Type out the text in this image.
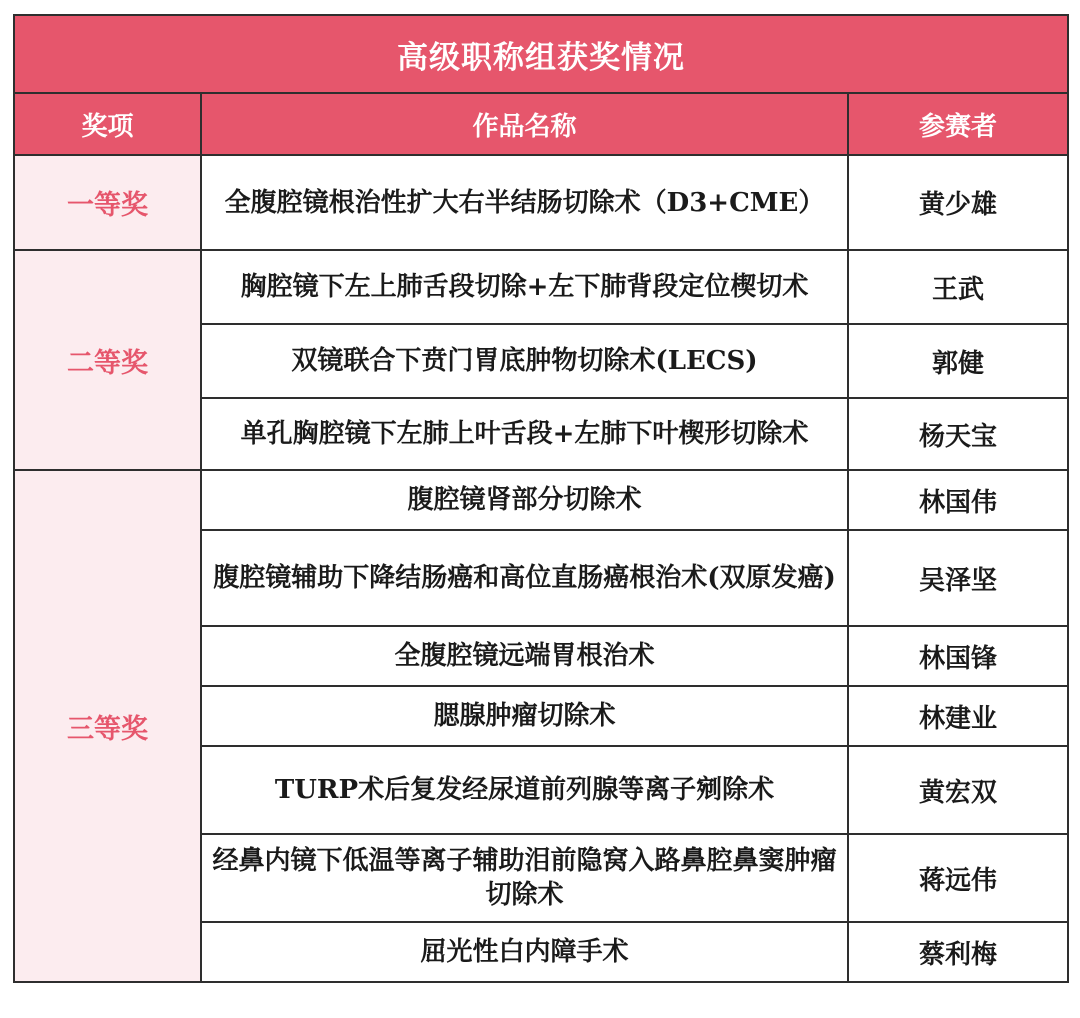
高级职称组获奖情况		
奖项	作品名称	参赛者
一等奖	全腹腔镜根治性扩大右半结肠切除术（D3+CME）	黄少雄
二等奖	胸腔镜下左上肺舌段切除+左下肺背段定位楔切术	王武
	双镜联合下贲门胃底肿物切除术(LECS)	郭健
	单孔胸腔镜下左肺上叶舌段+左肺下叶楔形切除术	杨天宝
三等奖	腹腔镜肾部分切除术	林国伟
	腹腔镜辅助下降结肠癌和高位直肠癌根治术(双原发癌)	吴泽坚
	全腹腔镜远端胃根治术	林国锋
	腮腺肿瘤切除术	林建业
	TURP术后复发经尿道前列腺等离子剜除术	黄宏双
	经鼻内镜下低温等离子辅助泪前隐窝入路鼻腔鼻窦肿瘤切除术	蒋远伟
	屈光性白内障手术	蔡利梅
